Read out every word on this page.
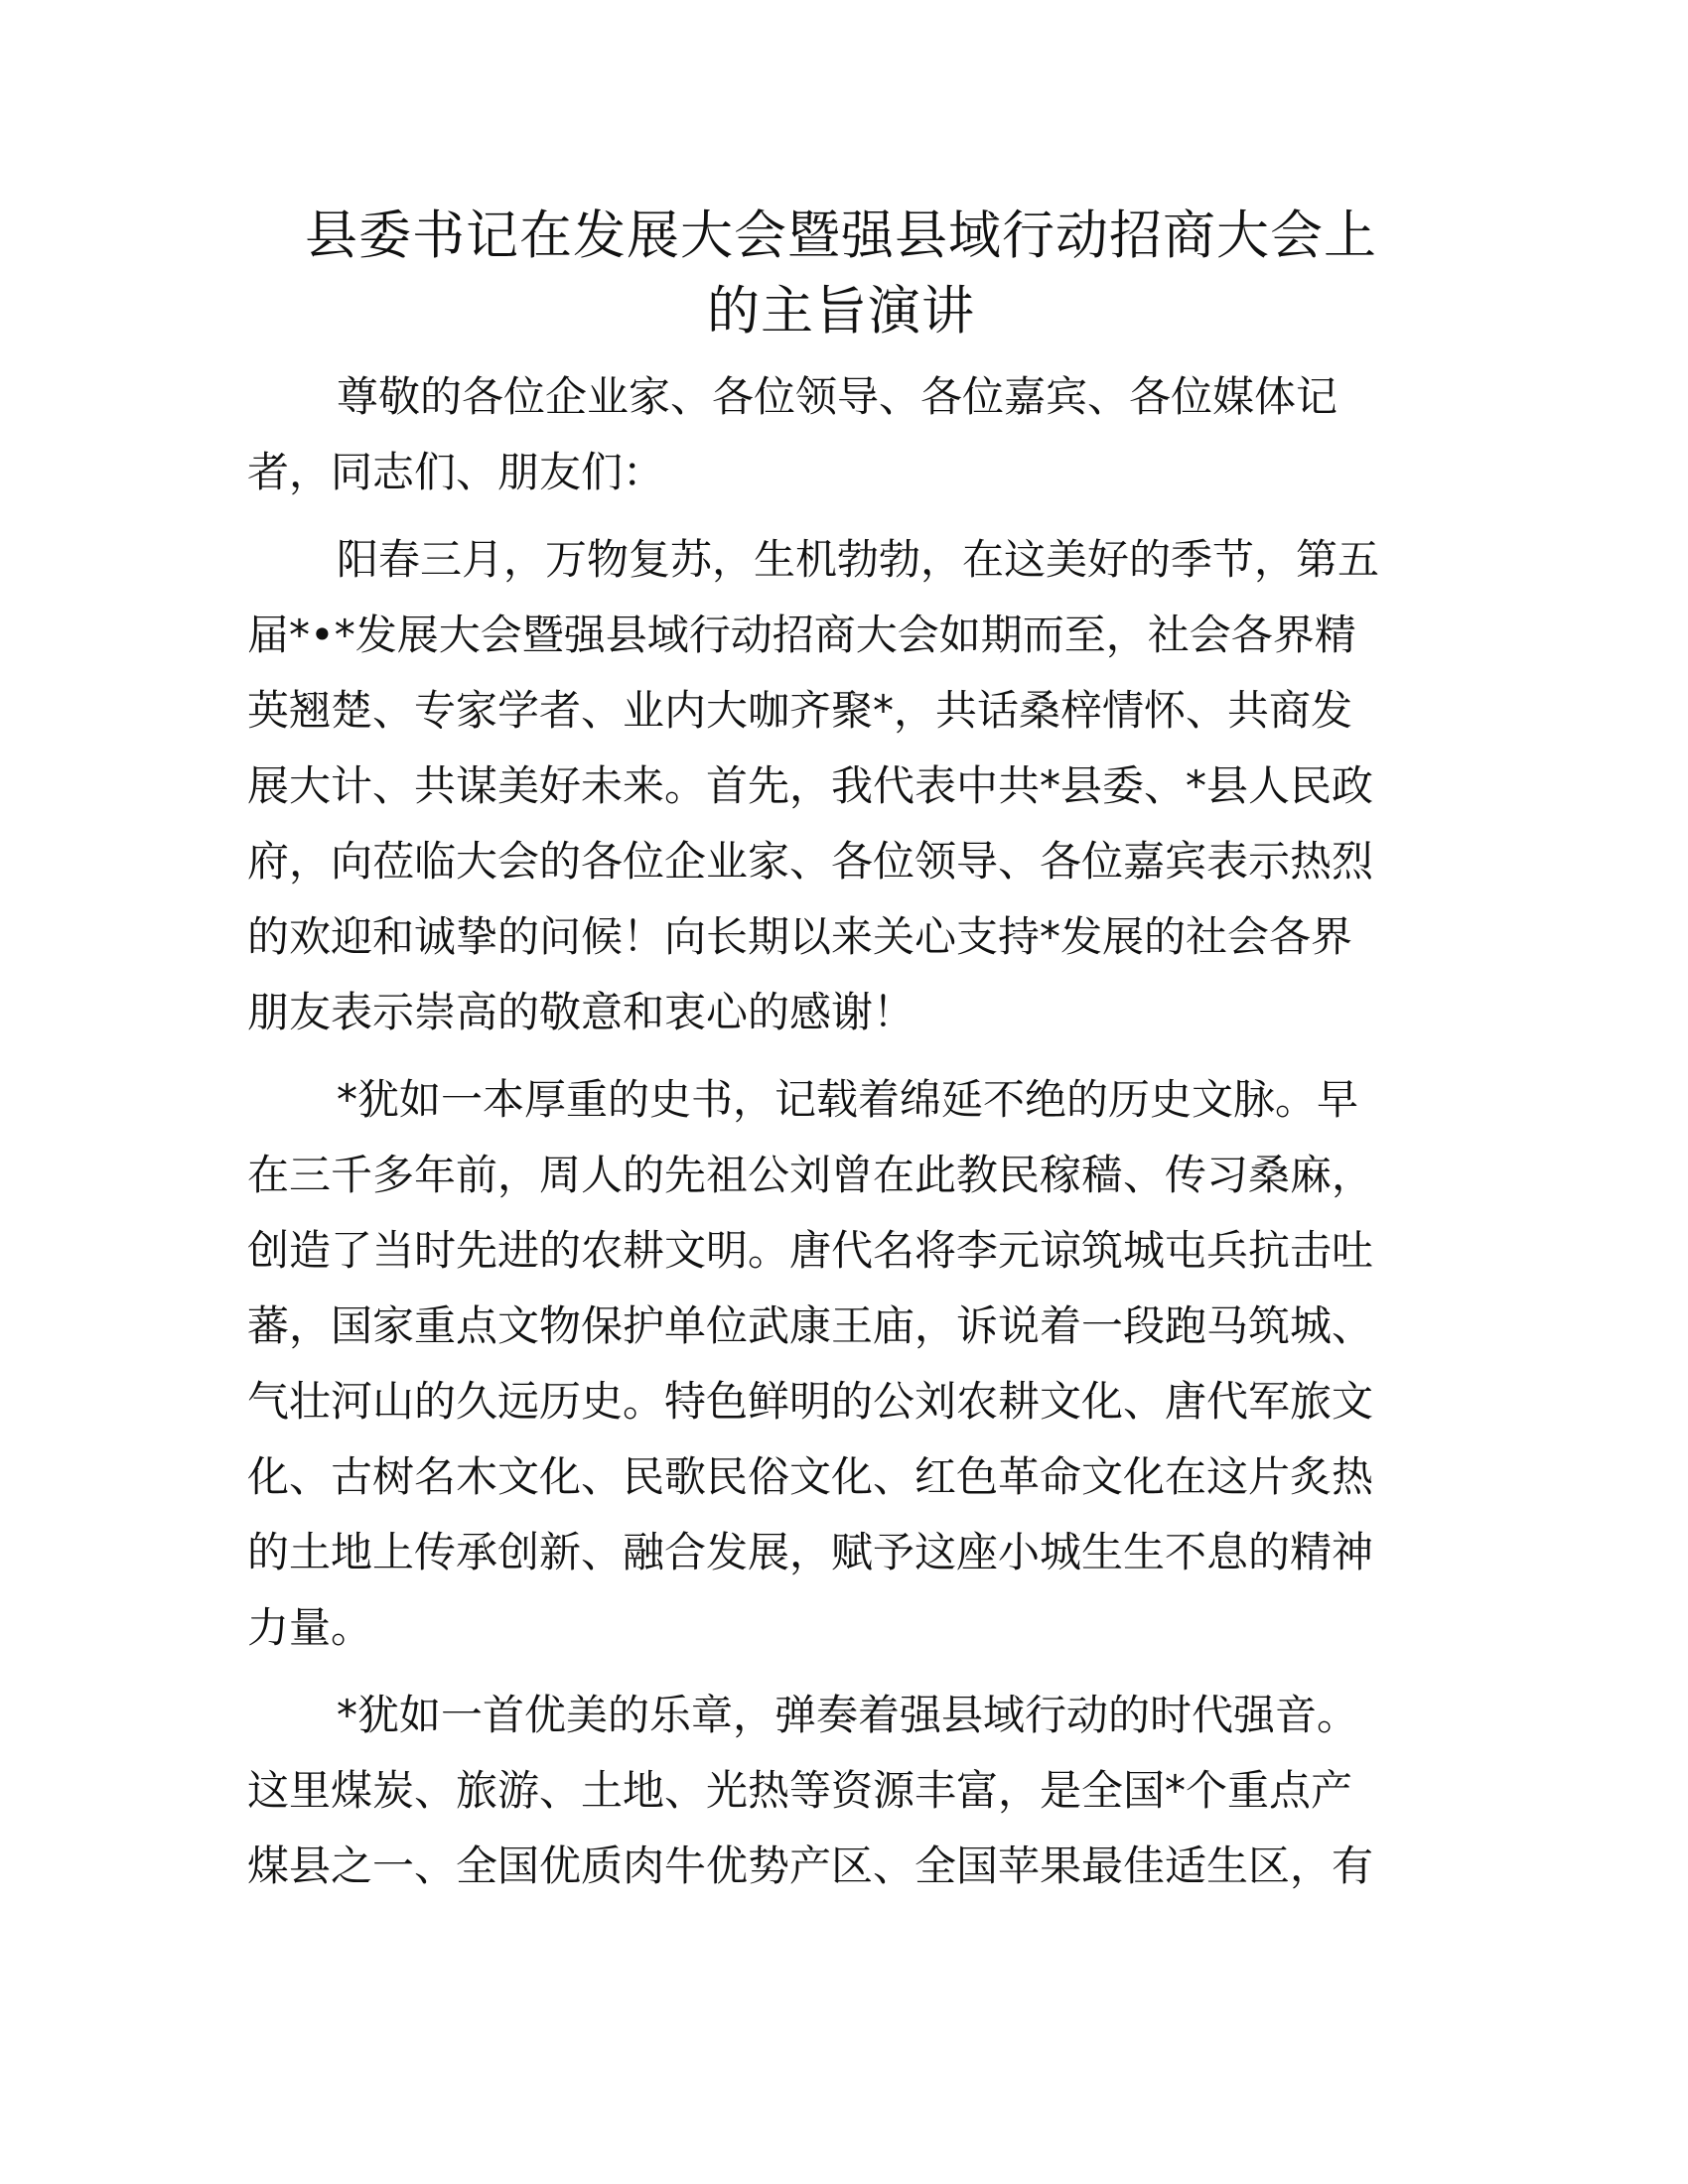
县委书记在发展大会暨强县域行动招商大会上
的主旨演讲

尊敬的各位企业家、各位领导、各位嘉宾、各位媒体记
者，同志们、朋友们：

阳春三月，万物复苏，生机勃勃，在这美好的季节，第五
届*•*发展大会暨强县域行动招商大会如期而至，社会各界精
英翘楚、专家学者、业内大咖齐聚*，共话桑梓情怀、共商发
展大计、共谋美好未来。首先，我代表中共*县委、*县人民政
府，向莅临大会的各位企业家、各位领导、各位嘉宾表示热烈
的欢迎和诚挚的问候！向长期以来关心支持*发展的社会各界
朋友表示崇高的敬意和衷心的感谢！

*犹如一本厚重的史书，记载着绵延不绝的历史文脉。早
在三千多年前，周人的先祖公刘曾在此教民稼穑、传习桑麻，
创造了当时先进的农耕文明。唐代名将李元谅筑城屯兵抗击吐
蕃，国家重点文物保护单位武康王庙，诉说着一段跑马筑城、
气壮河山的久远历史。特色鲜明的公刘农耕文化、唐代军旅文
化、古树名木文化、民歌民俗文化、红色革命文化在这片炙热
的土地上传承创新、融合发展，赋予这座小城生生不息的精神
力量。

*犹如一首优美的乐章，弹奏着强县域行动的时代强音。
这里煤炭、旅游、土地、光热等资源丰富，是全国*个重点产
煤县之一、全国优质肉牛优势产区、全国苹果最佳适生区，有
